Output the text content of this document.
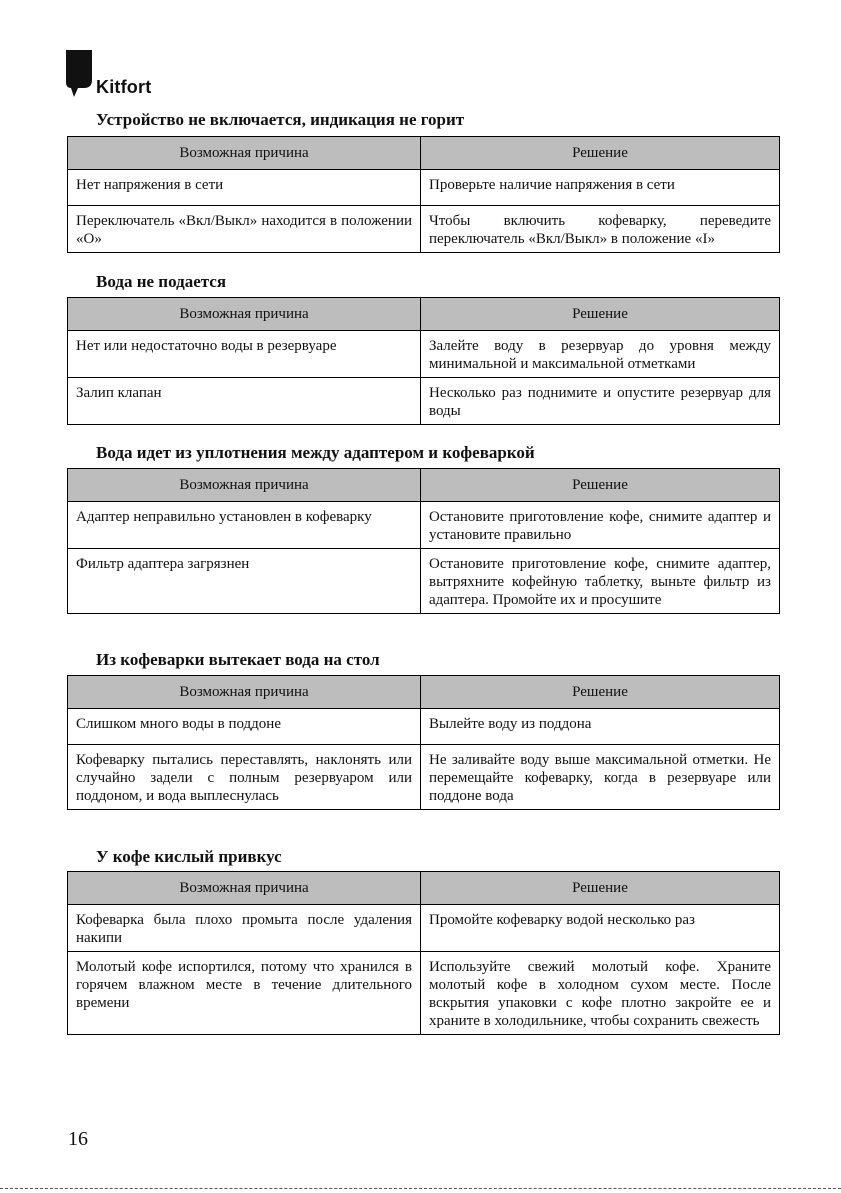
Kitfort
Устройство не включается, индикация не горит
Возможная причина	Решение
Нет напряжения в сети	Проверьте наличие напряжения в сети
Переключатель «Вкл/Выкл» находится в положении «O»	Чтобы включить кофеварку, переведите переключатель «Вкл/Выкл» в положение «I»
Вода не подается
Возможная причина	Решение
Нет или недостаточно воды в резервуаре	Залейте воду в резервуар до уровня между минимальной и максимальной отметками
Залип клапан	Несколько раз поднимите и опустите резервуар для воды
Вода идет из уплотнения между адаптером и кофеваркой
Возможная причина	Решение
Адаптер неправильно установлен в кофеварку	Остановите приготовление кофе, снимите адаптер и установите правильно
Фильтр адаптера загрязнен	Остановите приготовление кофе, снимите адаптер, вытряхните кофейную таблетку, выньте фильтр из адаптера. Промойте их и просушите
Из кофеварки вытекает вода на стол
Возможная причина	Решение
Слишком много воды в поддоне	Вылейте воду из поддона
Кофеварку пытались переставлять, наклонять или случайно задели с полным резервуаром или поддоном, и вода выплеснулась	Не заливайте воду выше максимальной отметки. Не перемещайте кофеварку, когда в резервуаре или поддоне вода
У кофе кислый привкус
Возможная причина	Решение
Кофеварка была плохо промыта после удаления накипи	Промойте кофеварку водой несколько раз
Молотый кофе испортился, потому что хранился в горячем влажном месте в течение длительного времени	Используйте свежий молотый кофе. Храните молотый кофе в холодном сухом месте. После вскрытия упаковки с кофе плотно закройте ее и храните в холодильнике, чтобы сохранить свежесть
16
